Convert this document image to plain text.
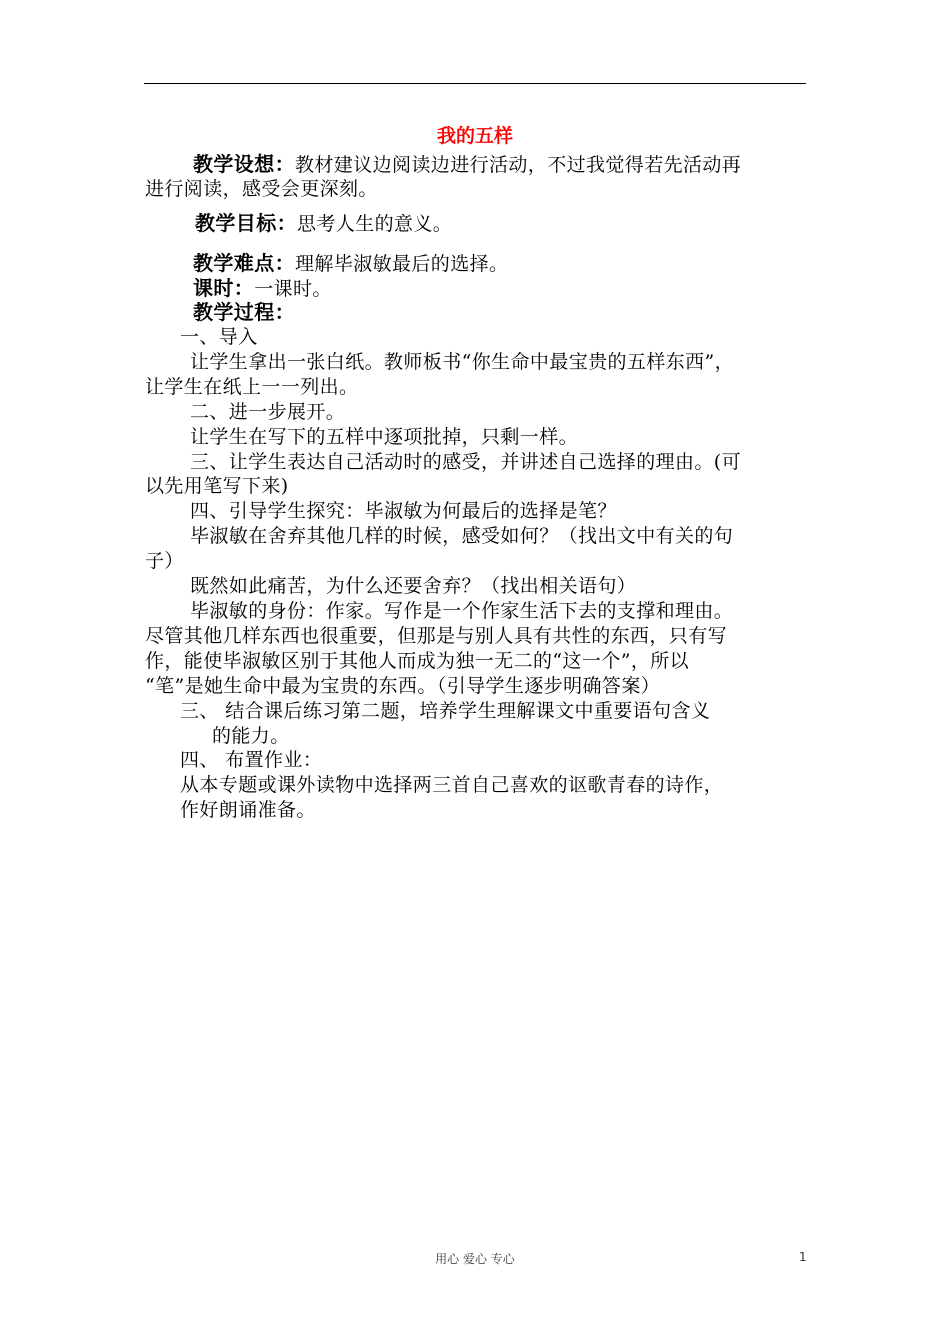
我的五样
教学设想：教材建议边阅读边进行活动，不过我觉得若先活动再
进行阅读，感受会更深刻。
教学目标：思考人生的意义。
教学难点：理解毕淑敏最后的选择。
课时：一课时。
教学过程：
一、导入
让学生拿出一张白纸。教师板书“你生命中最宝贵的五样东西”，
让学生在纸上一一列出。
二、进一步展开。
让学生在写下的五样中逐项批掉，只剩一样。
三、让学生表达自己活动时的感受，并讲述自己选择的理由。(可
以先用笔写下来)
四、引导学生探究：毕淑敏为何最后的选择是笔？
毕淑敏在舍弃其他几样的时候，感受如何？（找出文中有关的句
子）
既然如此痛苦，为什么还要舍弃？（找出相关语句）
毕淑敏的身份：作家。写作是一个作家生活下去的支撑和理由。
尽管其他几样东西也很重要，但那是与别人具有共性的东西，只有写
作，能使毕淑敏区别于其他人而成为独一无二的“这一个”，所以
“笔”是她生命中最为宝贵的东西。（引导学生逐步明确答案）
三、 结合课后练习第二题，培养学生理解课文中重要语句含义
的能力。
四、 布置作业：
从本专题或课外读物中选择两三首自己喜欢的讴歌青春的诗作，
作好朗诵准备。
用心 爱心 专心	1
